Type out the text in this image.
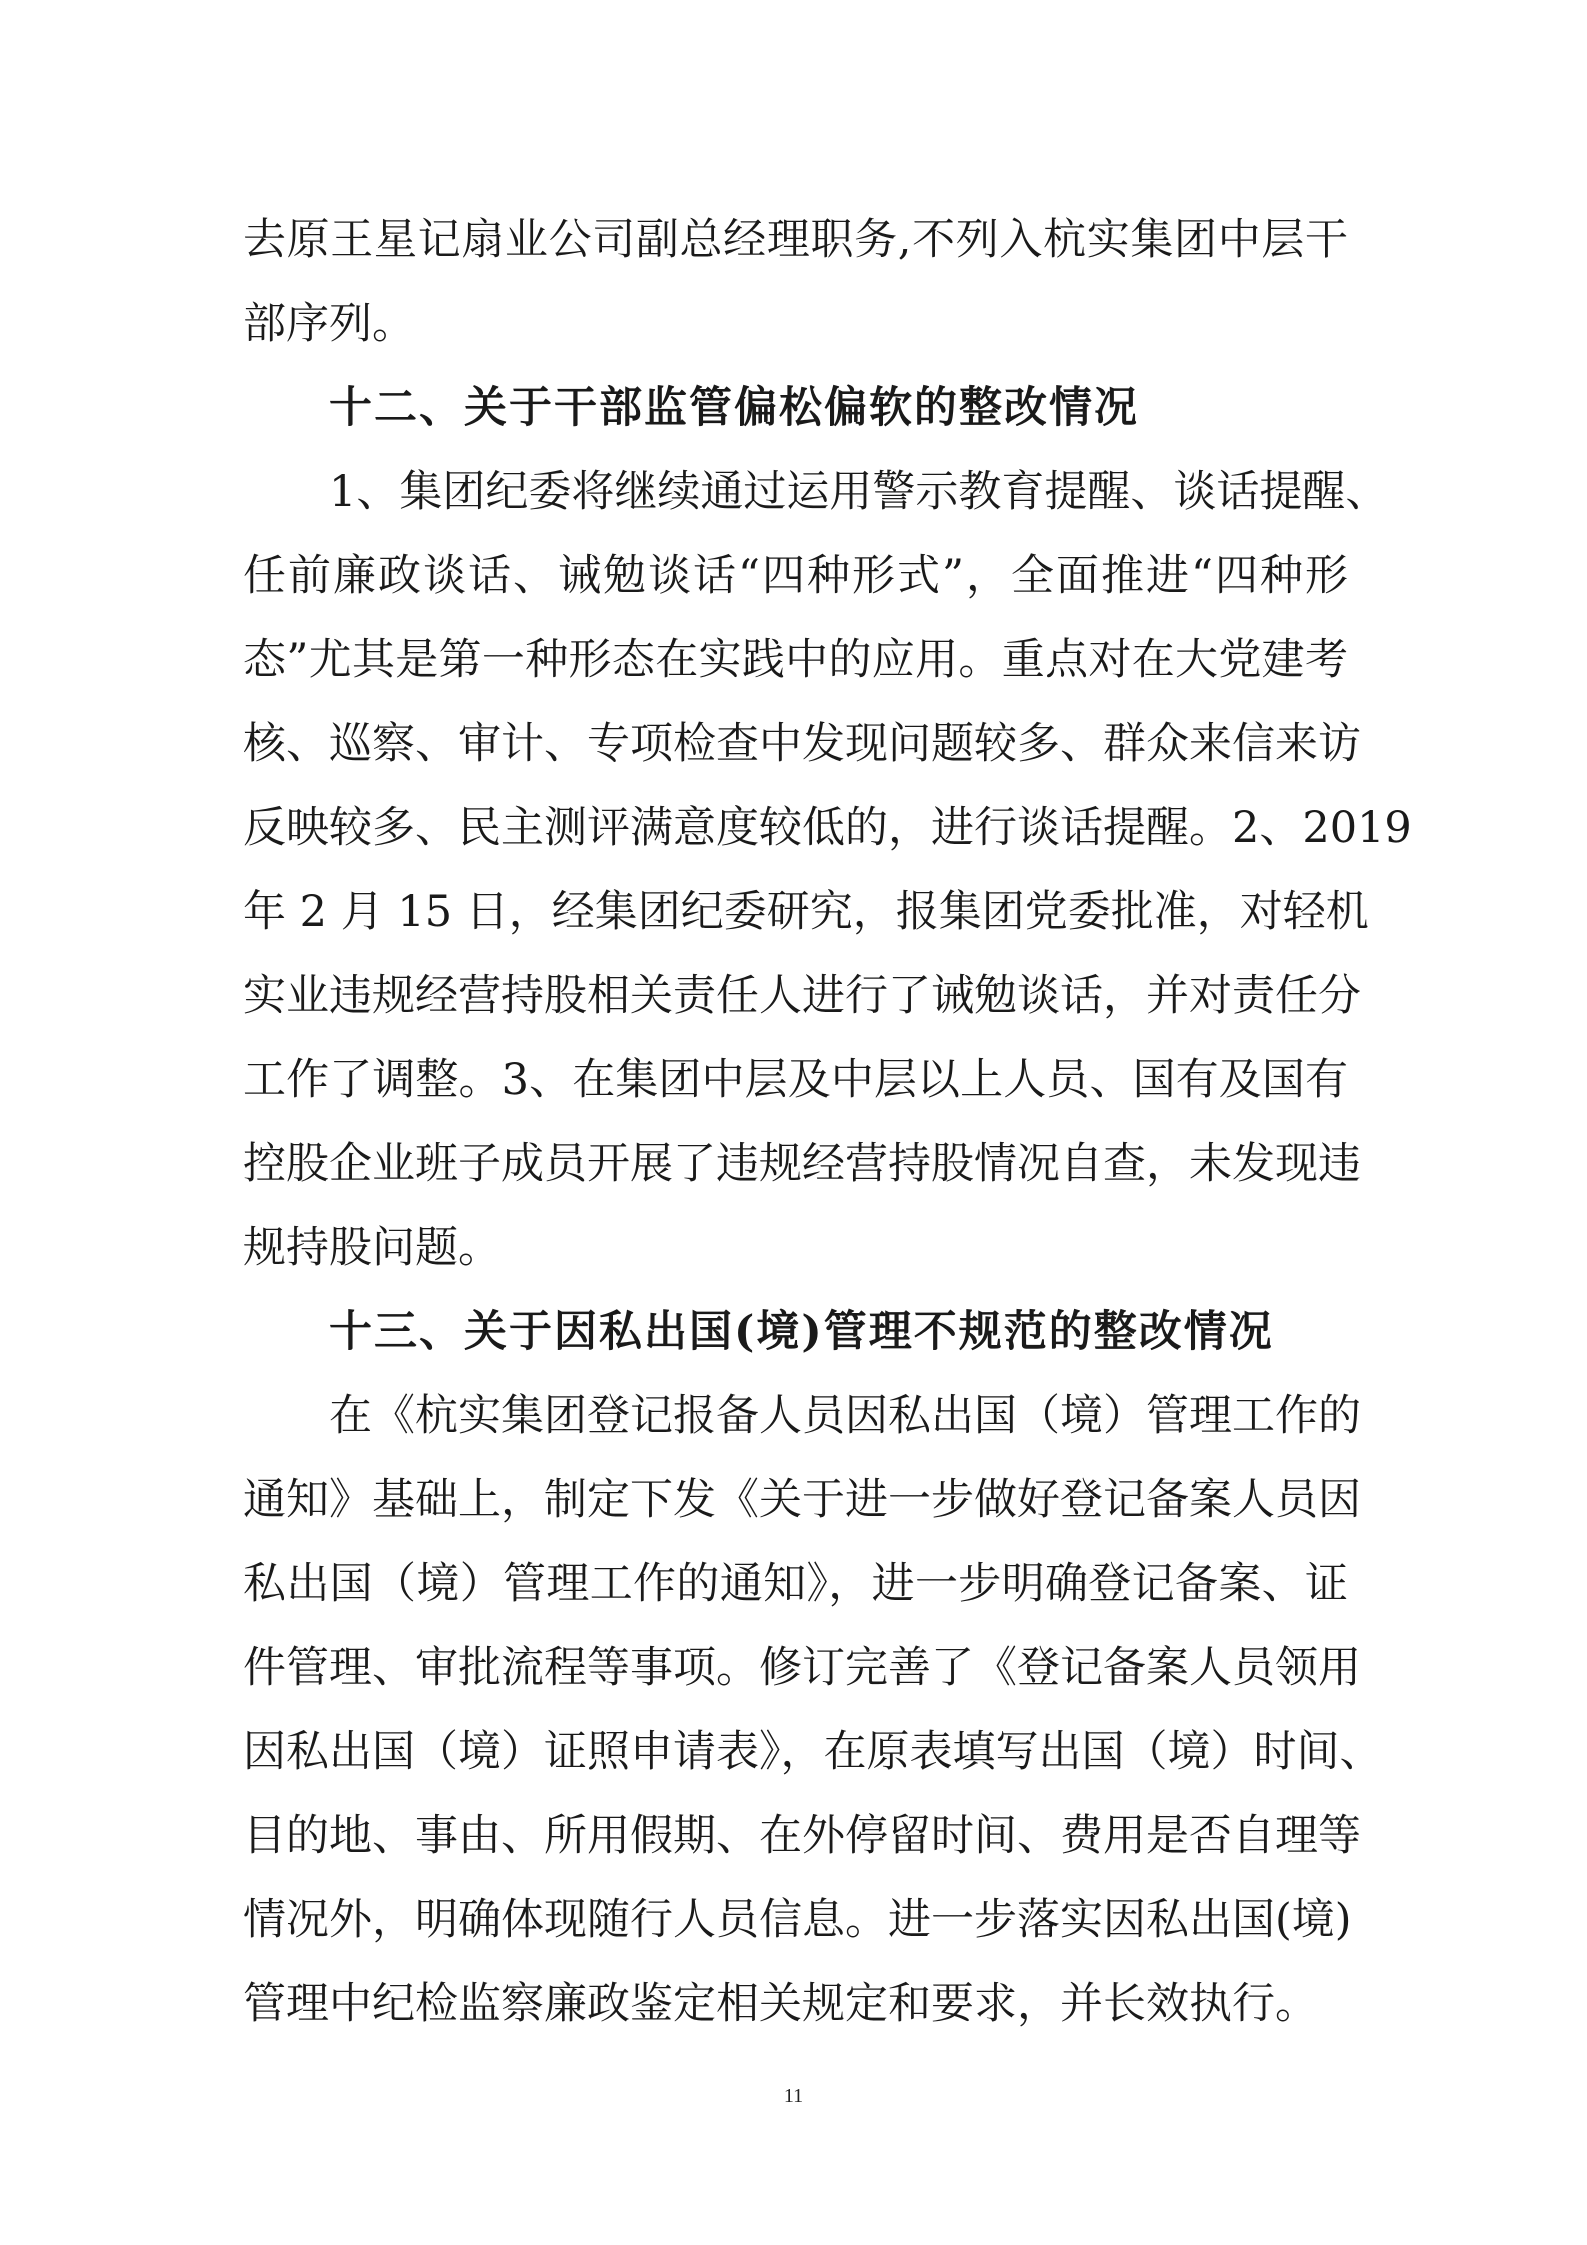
去原王星记扇业公司副总经理职务,不列入杭实集团中层干
部序列。
十二、关于干部监管偏松偏软的整改情况
1、集团纪委将继续通过运用警示教育提醒、谈话提醒、
任前廉政谈话、诫勉谈话“四种形式”，全面推进“四种形
态”尤其是第一种形态在实践中的应用。重点对在大党建考
核、巡察、审计、专项检查中发现问题较多、群众来信来访
反映较多、民主测评满意度较低的，进行谈话提醒。2、2019
年 2 月 15 日，经集团纪委研究，报集团党委批准，对轻机
实业违规经营持股相关责任人进行了诫勉谈话，并对责任分
工作了调整。3、在集团中层及中层以上人员、国有及国有
控股企业班子成员开展了违规经营持股情况自查，未发现违
规持股问题。
十三、关于因私出国(境)管理不规范的整改情况
在《杭实集团登记报备人员因私出国（境）管理工作的
通知》基础上，制定下发《关于进一步做好登记备案人员因
私出国（境）管理工作的通知》，进一步明确登记备案、证
件管理、审批流程等事项。修订完善了《登记备案人员领用
因私出国（境）证照申请表》，在原表填写出国（境）时间、
目的地、事由、所用假期、在外停留时间、费用是否自理等
情况外，明确体现随行人员信息。进一步落实因私出国(境)
管理中纪检监察廉政鉴定相关规定和要求，并长效执行。
11
